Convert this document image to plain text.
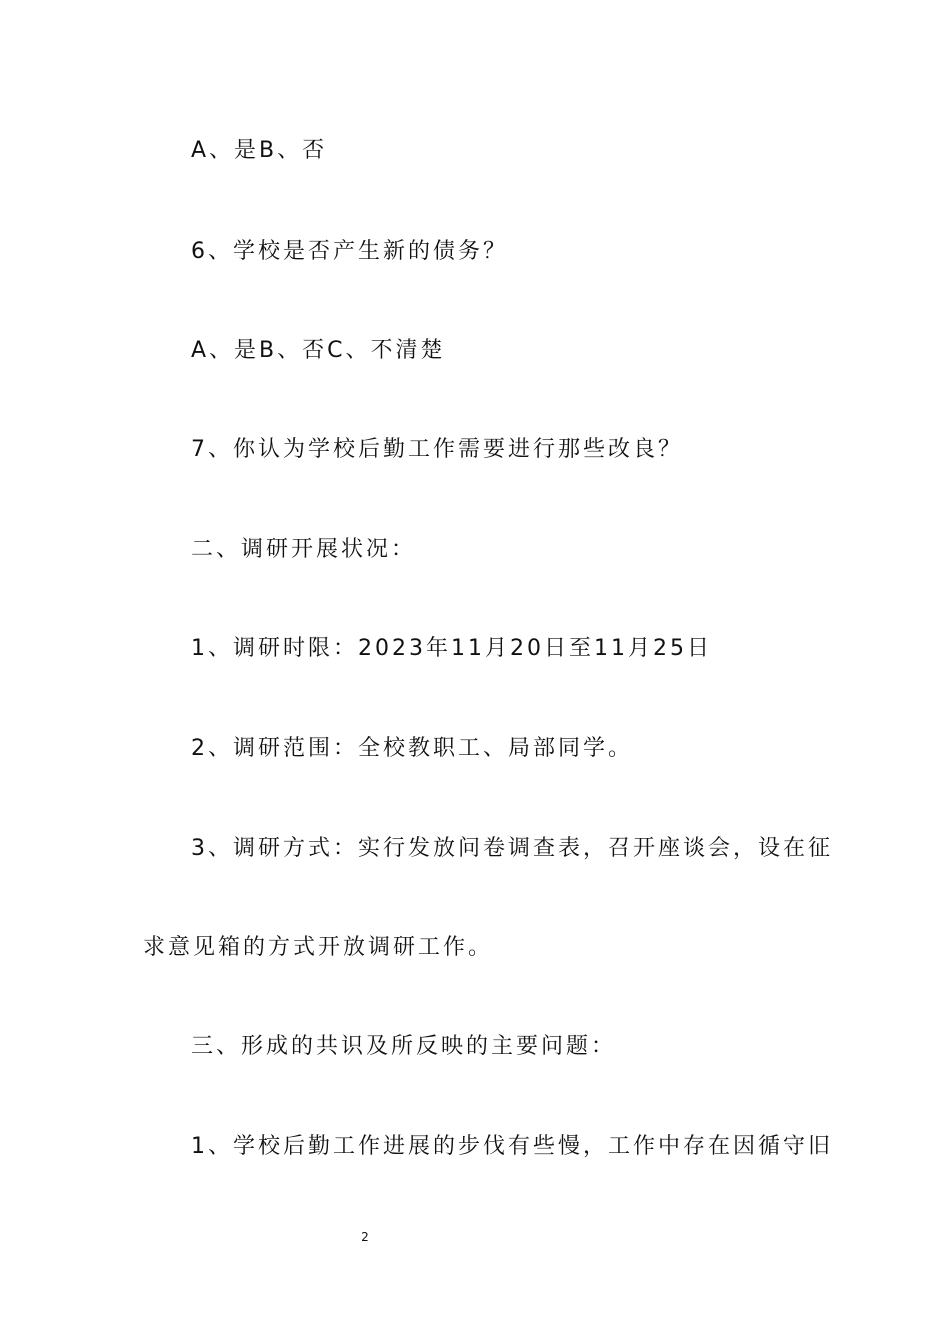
A、是B、否
6、学校是否产生新的债务？
A、是B、否C、不清楚
7、你认为学校后勤工作需要进行那些改良？
二、调研开展状况：
1、调研时限：2023年11月20日至11月25日
2、调研范围：全校教职工、局部同学。
3、调研方式：实行发放问卷调查表，召开座谈会，设在征
求意见箱的方式开放调研工作。
三、形成的共识及所反映的主要问题：
1、学校后勤工作进展的步伐有些慢，工作中存在因循守旧
2
